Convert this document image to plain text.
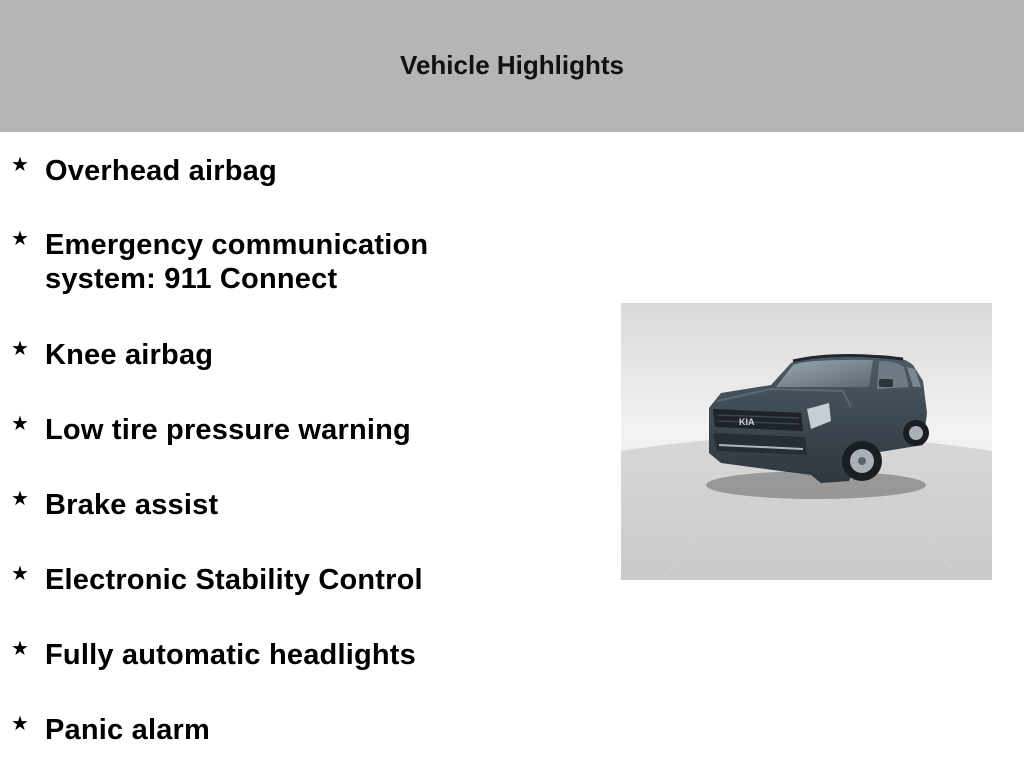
Vehicle Highlights
★ Overhead airbag
★ Emergency communication
system: 911 Connect
★ Knee airbag
★ Low tire pressure warning
★ Brake assist
★ Electronic Stability Control
★ Fully automatic headlights
★ Panic alarm
KIA
